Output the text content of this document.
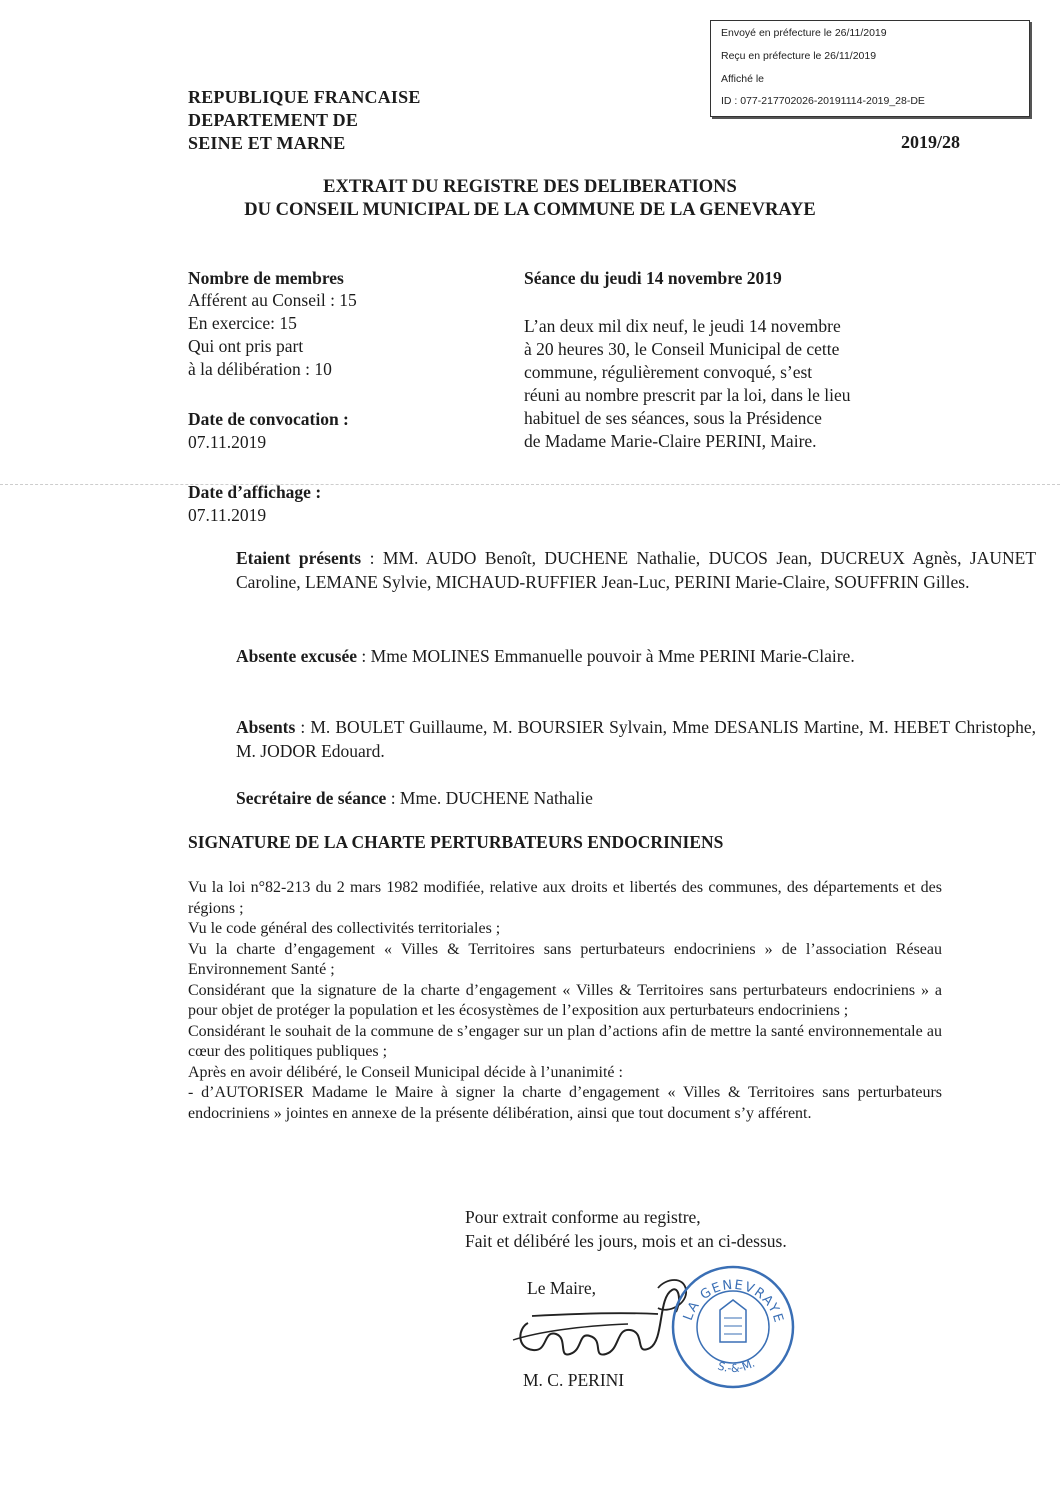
Envoyé en préfecture le 26/11/2019
Reçu en préfecture le 26/11/2019
Affiché le
ID : 077-217702026-20191114-2019_28-DE
REPUBLIQUE FRANCAISE
DEPARTEMENT DE
SEINE ET MARNE	2019/28
EXTRAIT DU REGISTRE DES DELIBERATIONS
DU CONSEIL MUNICIPAL DE LA COMMUNE DE LA GENEVRAYE
Nombre de membres
Afférent au Conseil : 15
En exercice: 15
Qui ont pris part
à la délibération : 10
Date de convocation :
07.11.2019
Date d’affichage :
07.11.2019
Séance du jeudi 14 novembre 2019
L’an deux mil dix neuf, le jeudi 14 novembre
à 20 heures 30, le Conseil Municipal de cette
commune, régulièrement convoqué, s’est
réuni au nombre prescrit par la loi, dans le lieu
habituel de ses séances, sous la Présidence
de Madame Marie-Claire PERINI, Maire.
Etaient présents : MM. AUDO Benoît, DUCHENE Nathalie, DUCOS Jean, DUCREUX Agnès, JAUNET Caroline, LEMANE Sylvie, MICHAUD-RUFFIER Jean-Luc, PERINI Marie-Claire, SOUFFRIN Gilles.
Absente excusée : Mme MOLINES Emmanuelle pouvoir à Mme PERINI Marie-Claire.
Absents : M. BOULET Guillaume, M. BOURSIER Sylvain, Mme DESANLIS Martine, M. HEBET Christophe, M. JODOR Edouard.
Secrétaire de séance : Mme. DUCHENE Nathalie
SIGNATURE DE LA CHARTE PERTURBATEURS ENDOCRINIENS
Vu la loi n°82-213 du 2 mars 1982 modifiée, relative aux droits et libertés des communes, des départements et des régions ;
Vu le code général des collectivités territoriales ;
Vu la charte d’engagement « Villes & Territoires sans perturbateurs endocriniens » de l’association Réseau Environnement Santé ;
Considérant que la signature de la charte d’engagement « Villes & Territoires sans perturbateurs endocriniens » a pour objet de protéger la population et les écosystèmes de l’exposition aux perturbateurs endocriniens ;
Considérant le souhait de la commune de s’engager sur un plan d’actions afin de mettre la santé environnementale au cœur des politiques publiques ;
Après en avoir délibéré, le Conseil Municipal décide à l’unanimité :
- d’AUTORISER Madame le Maire à signer la charte d’engagement « Villes & Territoires sans perturbateurs endocriniens » jointes en annexe de la présente délibération, ainsi que tout document s’y afférent.
Pour extrait conforme au registre,
Fait et délibéré les jours, mois et an ci-dessus.
Le Maire,
M. C. PERINI
LA GENEVRAYE
S.-&-M.
